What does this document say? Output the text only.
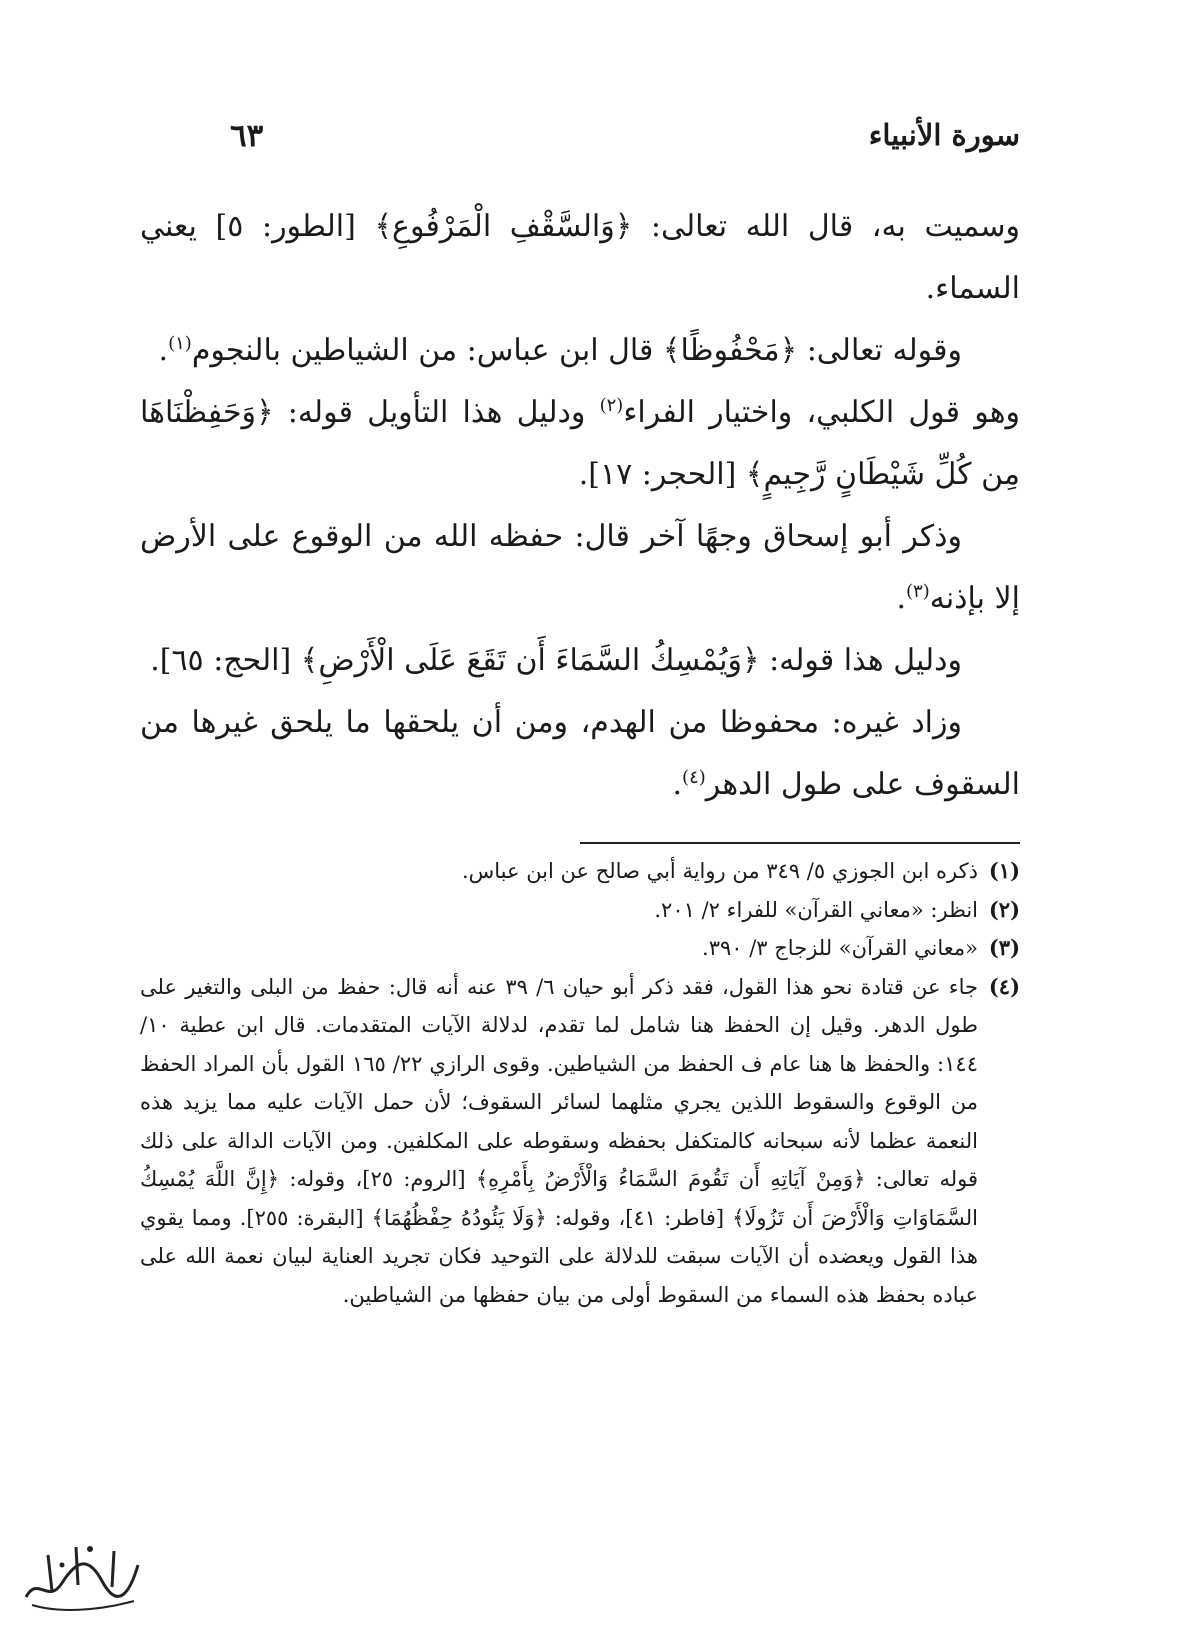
سورة الأنبياء
٦٣

وسميت به، قال الله تعالى: ﴿وَالسَّقْفِ الْمَرْفُوعِ﴾ [الطور: ٥] يعني السماء.

وقوله تعالى: ﴿مَحْفُوظًا﴾ قال ابن عباس: من الشياطين بالنجوم$^{(١)}$.

وهو قول الكلبي، واختيار الفراء$^{(٢)}$ ودليل هذا التأويل قوله: ﴿وَحَفِظْنَاهَا مِن كُلِّ شَيْطَانٍ رَّجِيمٍ﴾ [الحجر: ١٧].

وذكر أبو إسحاق وجهًا آخر قال: حفظه الله من الوقوع على الأرض إلا بإذنه$^{(٣)}$.

ودليل هذا قوله: ﴿وَيُمْسِكُ السَّمَاءَ أَن تَقَعَ عَلَى الْأَرْضِ﴾ [الحج: ٦٥].

وزاد غيره: محفوظا من الهدم، ومن أن يلحقها ما يلحق غيرها من السقوف على طول الدهر$^{(٤)}$.

(١)
ذكره ابن الجوزي ٥/ ٣٤٩ من رواية أبي صالح عن ابن عباس.
(٢)
انظر: «معاني القرآن» للفراء ٢/ ٢٠١.
(٣)
«معاني القرآن» للزجاج ٣/ ٣٩٠.
(٤)
جاء عن قتادة نحو هذا القول، فقد ذكر أبو حيان ٦/ ٣٩ عنه أنه قال: حفظ من البلى والتغير على طول الدهر. وقيل إن الحفظ هنا شامل لما تقدم، لدلالة الآيات المتقدمات. قال ابن عطية ١٠/ ١٤٤: والحفظ ها هنا عام ف الحفظ من الشياطين. وقوى الرازي ٢٢/ ١٦٥ القول بأن المراد الحفظ من الوقوع والسقوط اللذين يجري مثلهما لسائر السقوف؛ لأن حمل الآيات عليه مما يزيد هذه النعمة عظما لأنه سبحانه كالمتكفل بحفظه وسقوطه على المكلفين. ومن الآيات الدالة على ذلك قوله تعالى: ﴿وَمِنْ آيَاتِهِ أَن تَقُومَ السَّمَاءُ وَالْأَرْضُ بِأَمْرِهِ﴾ [الروم: ٢٥]، وقوله: ﴿إِنَّ اللَّهَ يُمْسِكُ السَّمَاوَاتِ وَالْأَرْضَ أَن تَزُولَا﴾ [فاطر: ٤١]، وقوله: ﴿وَلَا يَئُودُهُ حِفْظُهُمَا﴾ [البقرة: ٢٥٥]. ومما يقوي هذا القول ويعضده أن الآيات سبقت للدلالة على التوحيد فكان تجريد العناية لبيان نعمة الله على عباده بحفظ هذه السماء من السقوط أولى من بيان حفظها من الشياطين.
